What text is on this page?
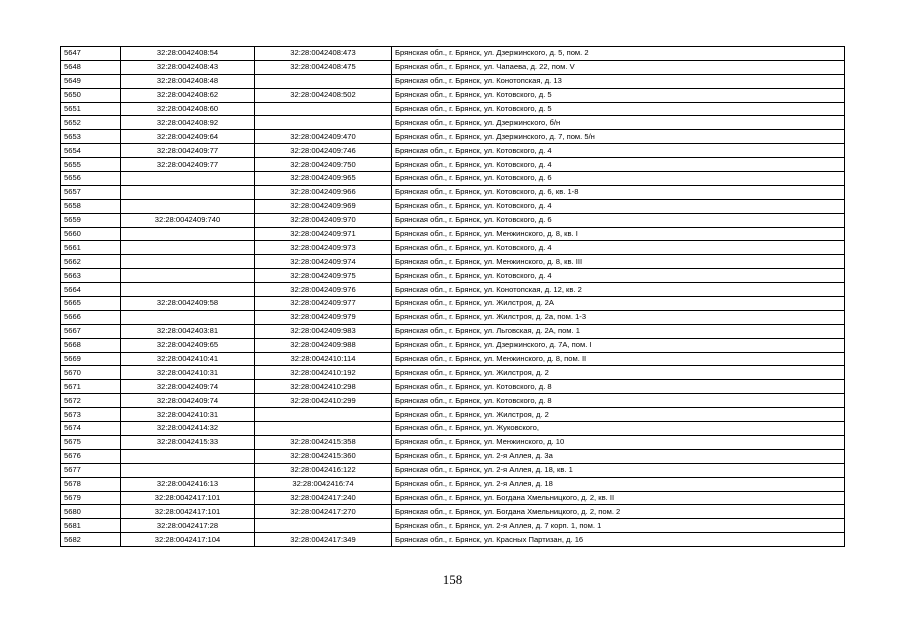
5647	32:28:0042408:54	32:28:0042408:473	Брянская обл., г. Брянск, ул. Дзержинского, д. 5, пом. 2
5648	32:28:0042408:43	32:28:0042408:475	Брянская обл., г. Брянск, ул. Чапаева, д. 22, пом. V
5649	32:28:0042408:48		Брянская обл., г. Брянск, ул. Конотопская, д. 13
5650	32:28:0042408:62	32:28:0042408:502	Брянская обл., г. Брянск, ул. Котовского, д. 5
5651	32:28:0042408:60		Брянская обл., г. Брянск, ул. Котовского, д. 5
5652	32:28:0042408:92		Брянская обл., г. Брянск, ул. Дзержинского, б/н
5653	32:28:0042409:64	32:28:0042409:470	Брянская обл., г. Брянск, ул. Дзержинского, д. 7, пом. 5/н
5654	32:28:0042409:77	32:28:0042409:746	Брянская обл., г. Брянск, ул. Котовского, д. 4
5655	32:28:0042409:77	32:28:0042409:750	Брянская обл., г. Брянск, ул. Котовского, д. 4
5656		32:28:0042409:965	Брянская обл., г. Брянск, ул. Котовского, д. 6
5657		32:28:0042409:966	Брянская обл., г. Брянск, ул. Котовского, д. 6, кв. 1-8
5658		32:28:0042409:969	Брянская обл., г. Брянск, ул. Котовского, д. 4
5659	32:28:0042409:740	32:28:0042409:970	Брянская обл., г. Брянск, ул. Котовского, д. 6
5660		32:28:0042409:971	Брянская обл., г. Брянск, ул. Менжинского, д. 8, кв. I
5661		32:28:0042409:973	Брянская обл., г. Брянск, ул. Котовского, д. 4
5662		32:28:0042409:974	Брянская обл., г. Брянск, ул. Менжинского, д. 8, кв. III
5663		32:28:0042409:975	Брянская обл., г. Брянск, ул. Котовского, д. 4
5664		32:28:0042409:976	Брянская обл., г. Брянск, ул. Конотопская, д. 12, кв. 2
5665	32:28:0042409:58	32:28:0042409:977	Брянская обл., г. Брянск, ул. Жилстроя, д. 2А
5666		32:28:0042409:979	Брянская обл., г. Брянск, ул. Жилстроя, д. 2а, пом. 1-3
5667	32:28:0042403:81	32:28:0042409:983	Брянская обл., г. Брянск, ул. Льговская, д. 2А, пом. 1
5668	32:28:0042409:65	32:28:0042409:988	Брянская обл., г. Брянск, ул. Дзержинского, д. 7А, пом. I
5669	32:28:0042410:41	32:28:0042410:114	Брянская обл., г. Брянск, ул. Менжинского, д. 8, пом. II
5670	32:28:0042410:31	32:28:0042410:192	Брянская обл., г. Брянск, ул. Жилстроя, д. 2
5671	32:28:0042409:74	32:28:0042410:298	Брянская обл., г. Брянск, ул. Котовского, д. 8
5672	32:28:0042409:74	32:28:0042410:299	Брянская обл., г. Брянск, ул. Котовского, д. 8
5673	32:28:0042410:31		Брянская обл., г. Брянск, ул. Жилстроя, д. 2
5674	32:28:0042414:32		Брянская обл., г. Брянск, ул. Жуковского,
5675	32:28:0042415:33	32:28:0042415:358	Брянская обл., г. Брянск, ул. Менжинского, д. 10
5676		32:28:0042415:360	Брянская обл., г. Брянск, ул. 2-я Аллея, д. 3а
5677		32:28:0042416:122	Брянская обл., г. Брянск, ул. 2-я Аллея, д. 18, кв. 1
5678	32:28:0042416:13	32:28:0042416:74	Брянская обл., г. Брянск, ул. 2-я Аллея, д. 18
5679	32:28:0042417:101	32:28:0042417:240	Брянская обл., г. Брянск, ул. Богдана Хмельницкого, д. 2, кв. II
5680	32:28:0042417:101	32:28:0042417:270	Брянская обл., г. Брянск, ул. Богдана Хмельницкого, д. 2, пом. 2
5681	32:28:0042417:28		Брянская обл., г. Брянск, ул. 2-я Аллея, д. 7 корп. 1, пом. 1
5682	32:28:0042417:104	32:28:0042417:349	Брянская обл., г. Брянск, ул. Красных Партизан, д. 16
158
